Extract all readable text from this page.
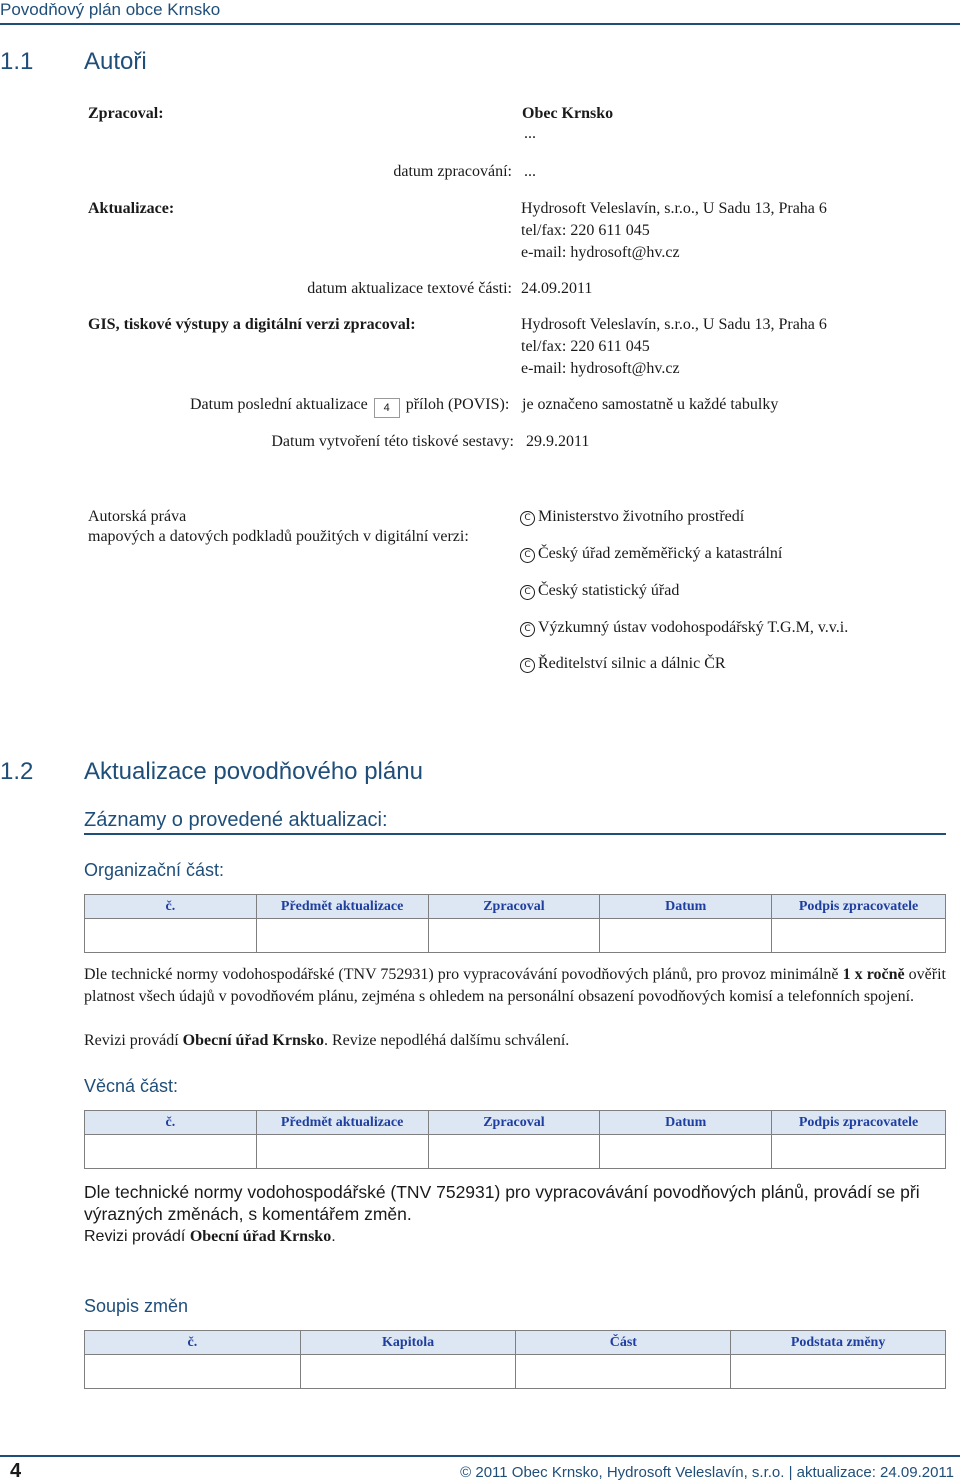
Povodňový plán obce Krnsko
1.1 Autoři
Zpracoval:	Obec Krnsko
...
datum zpracování: ...
Aktualizace:	Hydrosoft Veleslavín, s.r.o., U Sadu 13, Praha 6
tel/fax: 220 611 045
e-mail: hydrosoft@hv.cz
datum aktualizace textové části: 24.09.2011
GIS, tiskové výstupy a digitální verzi zpracoval:	Hydrosoft Veleslavín, s.r.o., U Sadu 13, Praha 6
tel/fax: 220 611 045
e-mail: hydrosoft@hv.cz
Datum poslední aktualizace 4 příloh (POVIS): je označeno samostatně u každé tabulky
Datum vytvoření této tiskové sestavy: 29.9.2011
Autorská práva
mapových a datových podkladů použitých v digitální verzi:
C Ministerstvo životního prostředí
C Český úřad zeměměřický a katastrální
C Český statistický úřad
C Výzkumný ústav vodohospodářský T.G.M, v.v.i.
C Ředitelství silnic a dálnic ČR
1.2 Aktualizace povodňového plánu
Záznamy o provedené aktualizaci:
Organizační část:
č.	Předmět aktualizace	Zpracoval	Datum	Podpis zpracovatele

Dle technické normy vodohospodářské (TNV 752931) pro vypracovávání povodňových plánů, pro provoz minimálně 1 x ročně ověřit platnost všech údajů v povodňovém plánu, zejména s ohledem na personální obsazení povodňových komisí a telefonních spojení.
Revizi provádí Obecní úřad Krnsko. Revize nepodléhá dalšímu schválení.
Věcná část:
č.	Předmět aktualizace	Zpracoval	Datum	Podpis zpracovatele

Dle technické normy vodohospodářské (TNV 752931) pro vypracovávání povodňových plánů, provádí se při výrazných změnách, s komentářem změn.
Revizi provádí Obecní úřad Krnsko.
Soupis změn
č.	Kapitola	Část	Podstata změny

4	© 2011 Obec Krnsko, Hydrosoft Veleslavín, s.r.o. | aktualizace: 24.09.2011
